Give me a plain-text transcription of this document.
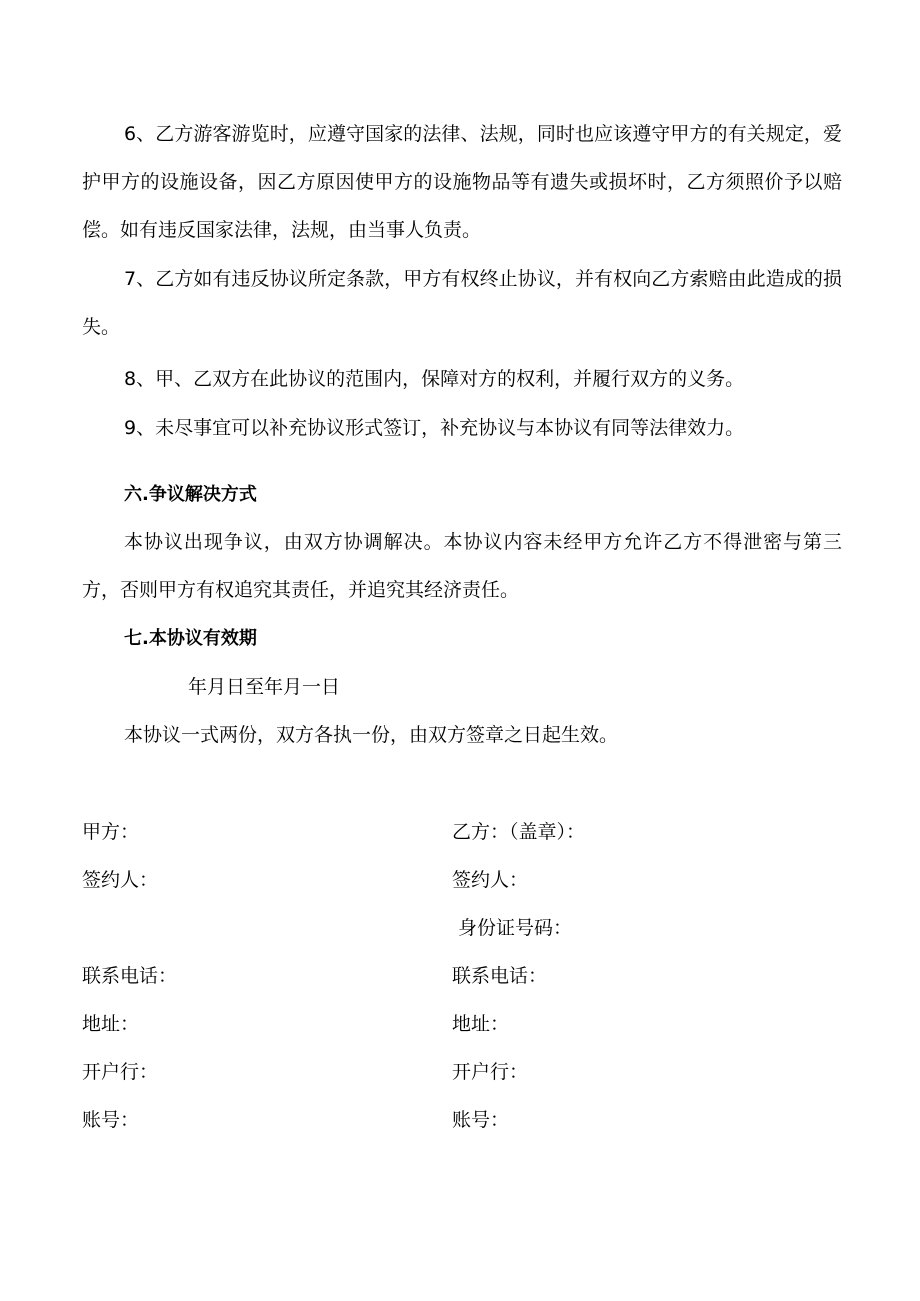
6、乙方游客游览时，应遵守国家的法律、法规，同时也应该遵守甲方的有关规定，爱护甲方的设施设备，因乙方原因使甲方的设施物品等有遗失或损坏时，乙方须照价予以赔偿。如有违反国家法律，法规，由当事人负责。

7、乙方如有违反协议所定条款，甲方有权终止协议，并有权向乙方索赔由此造成的损失。

8、甲、乙双方在此协议的范围内，保障对方的权利，并履行双方的义务。

9、未尽事宜可以补充协议形式签订，补充协议与本协议有同等法律效力。

六.争议解决方式

本协议出现争议，由双方协调解决。本协议内容未经甲方允许乙方不得泄密与第三方，否则甲方有权追究其责任，并追究其经济责任。

七.本协议有效期
年月日至年月一日
本协议一式两份，双方各执一份，由双方签章之日起生效。
甲方：
签约人：
联系电话：
地址：
开户行：
账号：
乙方：（盖章）：
签约人：
身份证号码：
联系电话：
地址：
开户行：
账号：
